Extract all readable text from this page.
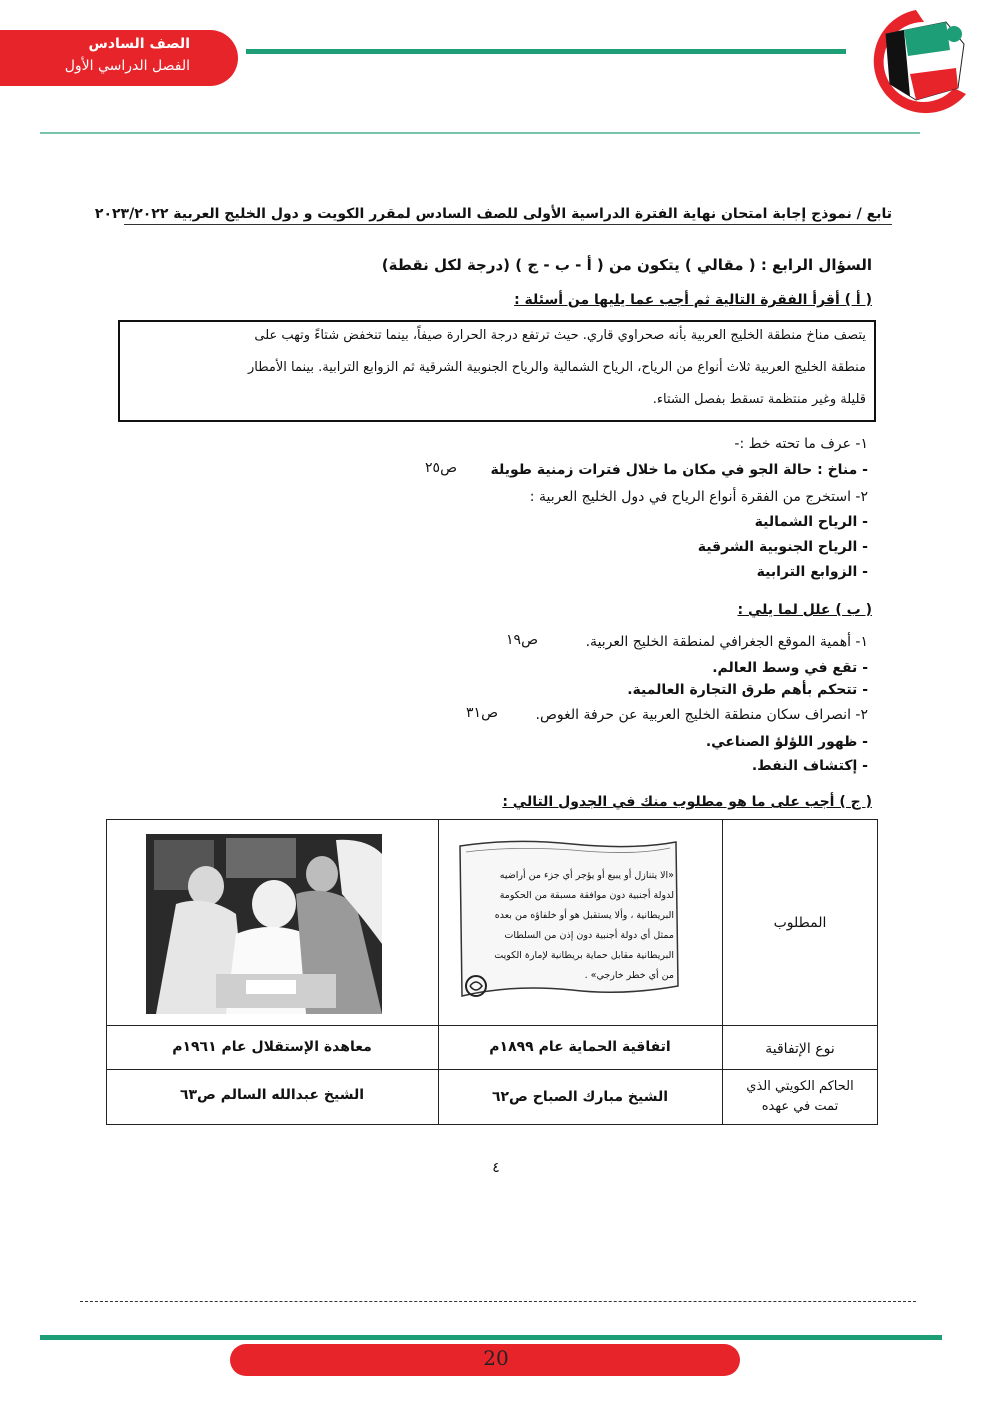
الصف السادس
الفصل الدراسي الأول
تابع / نموذج إجابة امتحان نهاية الفترة الدراسية الأولى للصف السادس لمقرر الكويت و دول الخليج العربية ٢٠٢٣/٢٠٢٢
السؤال الرابع : ( مقالي ) يتكون من ( أ - ب - ج ) (درجة لكل نقطة)
( أ ) أقرأ الفقرة التالية ثم أجب عما يليها من أسئلة :
يتصف مناخ منطقة الخليج العربية بأنه صحراوي قاري. حيث ترتفع درجة الحرارة صيفاً، بينما تنخفض شتاءً وتهب على
منطقة الخليج العربية ثلاث أنواع من الرياح، الرياح الشمالية والرياح الجنوبية الشرقية ثم الزوابع الترابية. بينما الأمطار
قليلة وغير منتظمة تسقط بفصل الشتاء.
١- عرف ما تحته خط :-
- مناخ : حالة الجو في مكان ما خلال فترات زمنية طويلة
ص٢٥
٢- استخرج من الفقرة أنواع الرياح في دول الخليج العربية :
- الرياح الشمالية
- الرياح الجنوبية الشرقية
- الزوابع الترابية
( ب ) علل لما يلي :
١- أهمية الموقع الجغرافي لمنطقة الخليج العربية.
ص١٩
- تقع في وسط العالم.
- تتحكم بأهم طرق التجارة العالمية.
٢- انصراف سكان منطقة الخليج العربية عن حرفة الغوص.
ص٣١
- ظهور اللؤلؤ الصناعي.
- إكتشاف النفط.
( ج ) أجب على ما هو مطلوب منك في الجدول التالي :
المطلوب
نوع الإتفاقية
الحاكم الكويتي الذي
تمت في عهده
اتفاقية الحماية عام ١٨٩٩م
الشيخ مبارك الصباح ص٦٢
معاهدة الإستقلال عام ١٩٦١م
الشيخ عبدالله السالم ص٦٣
«الا يتنازل أو يبيع أو يؤجر أي جزء من أراضيه
لدولة أجنبية دون موافقة مسبقة من الحكومة
البريطانية ، وألا يستقبل هو أو خلفاؤه من بعده
ممثل أي دولة أجنبية دون إذن من السلطات
البريطانية مقابل حماية بريطانية لإمارة الكويت
من أي خطر خارجي» .
٤
20
